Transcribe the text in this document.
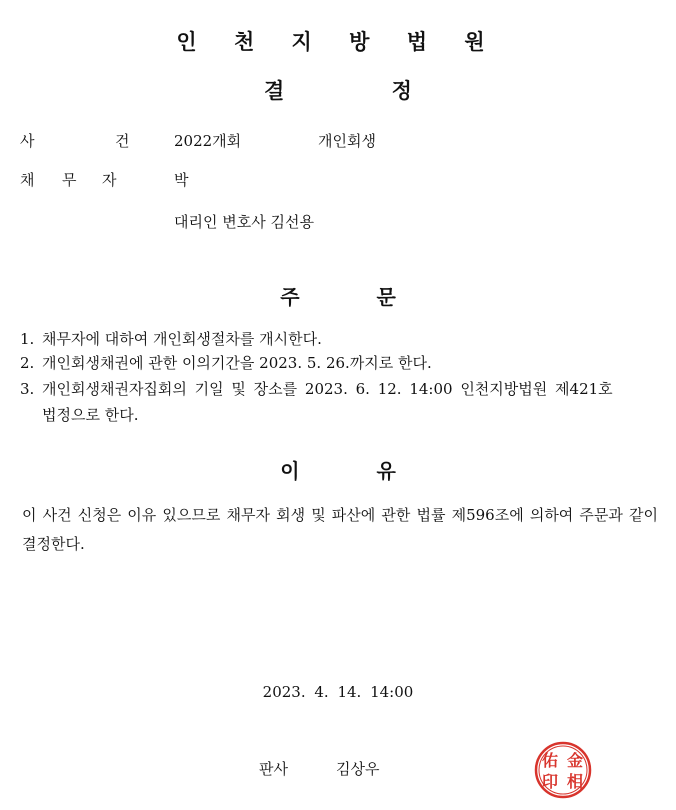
인 천 지 방 법 원
결 정
사	건	2022개회	개인회생
채 무 자	박
대리인 변호사 김선용
주 문
1. 채무자에 대하여 개인회생절차를 개시한다.
2. 개인회생채권에 관한 이의기간을 2023. 5. 26.까지로 한다.
3. 개인회생채권자집회의 기일 및 장소를 2023. 6. 12. 14:00 인천지방법원 제421호
법정으로 한다.
이 유
이 사건 신청은 이유 있으므로 채무자 회생 및 파산에 관한 법률 제596조에 의하여 주문과 같이 결정한다.
2023. 4. 14. 14:00
판사	김상우	佑 金
印 相
